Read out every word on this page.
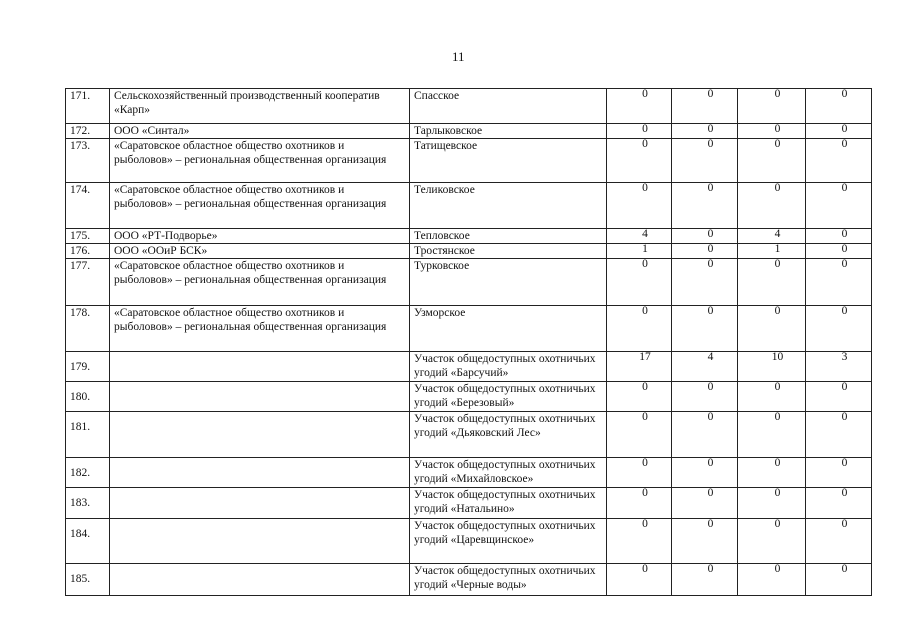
11
171.	Сельскохозяйственный производственный кооператив «Карп»	Спасское	0	0	0	0
172.	ООО «Синтал»	Тарлыковское	0	0	0	0
173.	«Саратовское областное общество охотников и рыболовов» – региональная общественная организация	Татищевское	0	0	0	0
174.	«Саратовское областное общество охотников и рыболовов» – региональная общественная организация	Теликовское	0	0	0	0
175.	ООО «РТ-Подворье»	Тепловское	4	0	4	0
176.	ООО «ООиР БСК»	Тростянское	1	0	1	0
177.	«Саратовское областное общество охотников и рыболовов» – региональная общественная организация	Турковское	0	0	0	0
178.	«Саратовское областное общество охотников и рыболовов» – региональная общественная организация	Узморское	0	0	0	0
179.		Участок общедоступных охотничьих угодий «Барсучий»	17	4	10	3
180.		Участок общедоступных охотничьих угодий «Березовый»	0	0	0	0
181.		Участок общедоступных охотничьих угодий «Дьяковский Лес»	0	0	0	0
182.		Участок общедоступных охотничьих угодий «Михайловское»	0	0	0	0
183.		Участок общедоступных охотничьих угодий «Натальино»	0	0	0	0
184.		Участок общедоступных охотничьих угодий «Царевщинское»	0	0	0	0
185.		Участок общедоступных охотничьих угодий «Черные воды»	0	0	0	0
